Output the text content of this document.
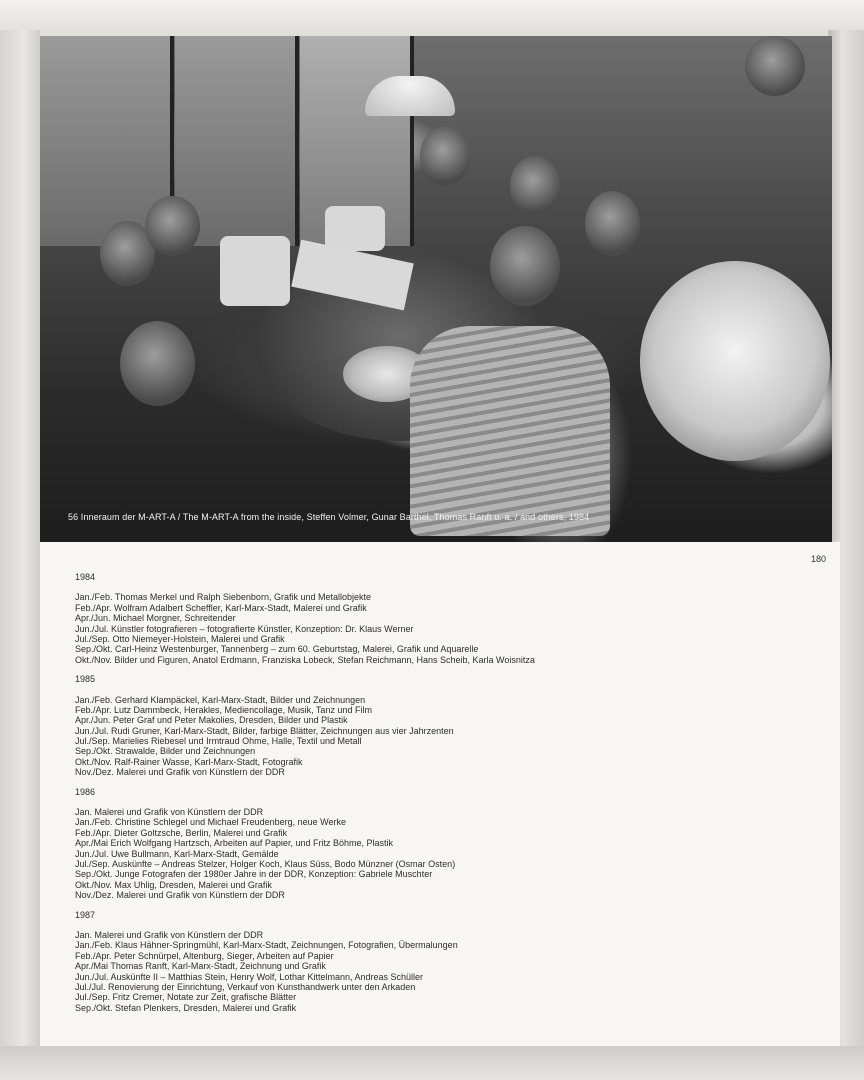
56 Inneraum der M-ART-A / The M-ART-A from the inside, Steffen Volmer, Gunar Barthel, Thomas Ranft u. a. / and others, 1984
180
1984
Jan./Feb. Thomas Merkel und Ralph Siebenborn, Grafik und Metallobjekte
Feb./Apr. Wolfram Adalbert Scheffler, Karl-Marx-Stadt, Malerei und Grafik
Apr./Jun. Michael Morgner, Schreitender
Jun./Jul. Künstler fotografieren – fotografierte Künstler, Konzeption: Dr. Klaus Werner
Jul./Sep. Otto Niemeyer-Holstein, Malerei und Grafik
Sep./Okt. Carl-Heinz Westenburger, Tannenberg – zum 60. Geburtstag, Malerei, Grafik und Aquarelle
Okt./Nov. Bilder und Figuren, Anatol Erdmann, Franziska Lobeck, Stefan Reichmann, Hans Scheib, Karla Woisnitza
1985
Jan./Feb. Gerhard Klampäckel, Karl-Marx-Stadt, Bilder und Zeichnungen
Feb./Apr. Lutz Dammbeck, Herakles, Mediencollage, Musik, Tanz und Film
Apr./Jun. Peter Graf und Peter Makolies, Dresden, Bilder und Plastik
Jun./Jul. Rudi Gruner, Karl-Marx-Stadt, Bilder, farbige Blätter, Zeichnungen aus vier Jahrzenten
Jul./Sep. Marielies Riebesel und Irmtraud Ohme, Halle, Textil und Metall
Sep./Okt. Strawalde, Bilder und Zeichnungen
Okt./Nov. Ralf-Rainer Wasse, Karl-Marx-Stadt, Fotografik
Nov./Dez. Malerei und Grafik von Künstlern der DDR
1986
Jan. Malerei und Grafik von Künstlern der DDR
Jan./Feb. Christine Schlegel und Michael Freudenberg, neue Werke
Feb./Apr. Dieter Goltzsche, Berlin, Malerei und Grafik
Apr./Mai Erich Wolfgang Hartzsch, Arbeiten auf Papier, und Fritz Böhme, Plastik
Jun./Jul. Uwe Bullmann, Karl-Marx-Stadt, Gemälde
Jul./Sep. Auskünfte – Andreas Stelzer, Holger Koch, Klaus Süss, Bodo Münzner (Osmar Osten)
Sep./Okt. Junge Fotografen der 1980er Jahre in der DDR, Konzeption: Gabriele Muschter
Okt./Nov. Max Uhlig, Dresden, Malerei und Grafik
Nov./Dez. Malerei und Grafik von Künstlern der DDR
1987
Jan. Malerei und Grafik von Künstlern der DDR
Jan./Feb. Klaus Hähner-Springmühl, Karl-Marx-Stadt, Zeichnungen, Fotografien, Übermalungen
Feb./Apr. Peter Schnürpel, Altenburg, Sieger, Arbeiten auf Papier
Apr./Mai Thomas Ranft, Karl-Marx-Stadt, Zeichnung und Grafik
Jun./Jul. Auskünfte II – Matthias Stein, Henry Wolf, Lothar Kittelmann, Andreas Schüller
Jul./Jul. Renovierung der Einrichtung, Verkauf von Kunsthandwerk unter den Arkaden
Jul./Sep. Fritz Cremer, Notate zur Zeit, grafische Blätter
Sep./Okt. Stefan Plenkers, Dresden, Malerei und Grafik
